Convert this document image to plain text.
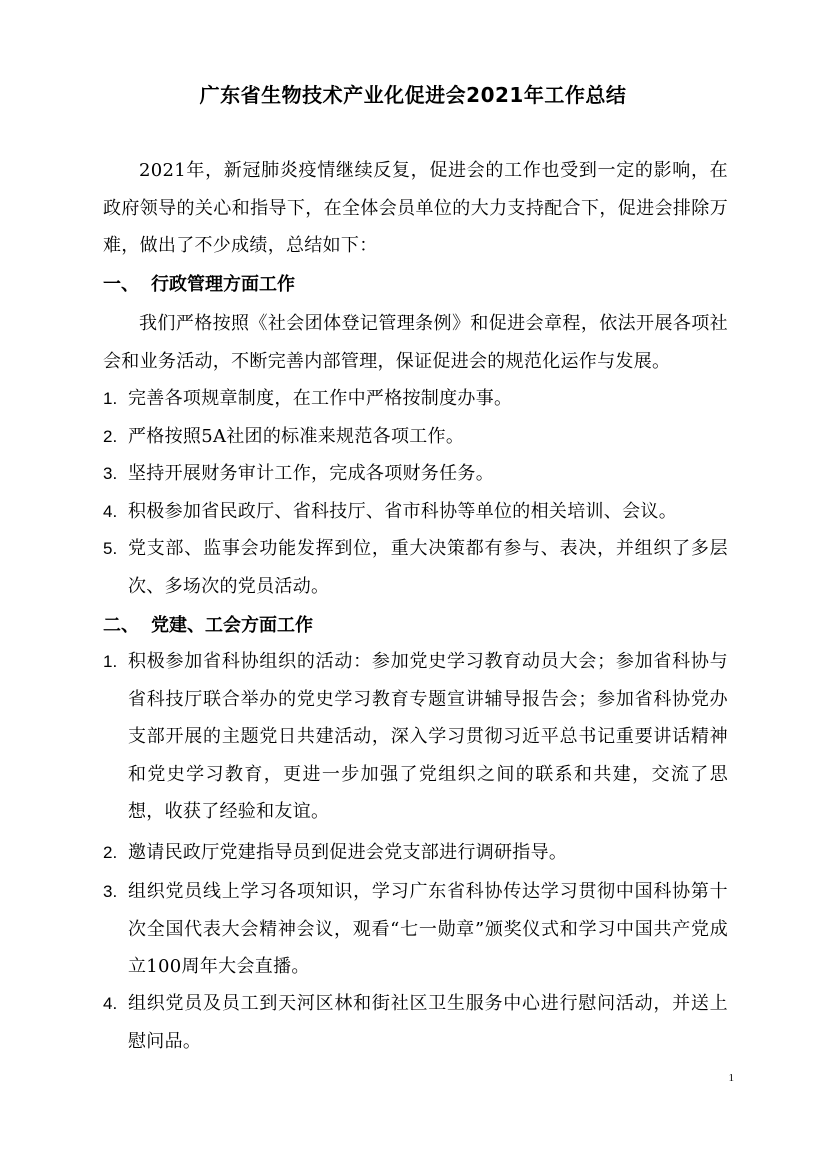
广东省生物技术产业化促进会2021年工作总结
2021年，新冠肺炎疫情继续反复，促进会的工作也受到一定的影响，在政府领导的关心和指导下，在全体会员单位的大力支持配合下，促进会排除万难，做出了不少成绩，总结如下：
一、 行政管理方面工作
我们严格按照《社会团体登记管理条例》和促进会章程，依法开展各项社会和业务活动，不断完善内部管理，保证促进会的规范化运作与发展。
1. 完善各项规章制度，在工作中严格按制度办事。
2. 严格按照5A社团的标准来规范各项工作。
3. 坚持开展财务审计工作，完成各项财务任务。
4. 积极参加省民政厅、省科技厅、省市科协等单位的相关培训、会议。
5. 党支部、监事会功能发挥到位，重大决策都有参与、表决，并组织了多层次、多场次的党员活动。
二、 党建、工会方面工作
1. 积极参加省科协组织的活动：参加党史学习教育动员大会；参加省科协与省科技厅联合举办的党史学习教育专题宣讲辅导报告会；参加省科协党办支部开展的主题党日共建活动，深入学习贯彻习近平总书记重要讲话精神和党史学习教育，更进一步加强了党组织之间的联系和共建，交流了思想，收获了经验和友谊。
2. 邀请民政厅党建指导员到促进会党支部进行调研指导。
3. 组织党员线上学习各项知识，学习广东省科协传达学习贯彻中国科协第十次全国代表大会精神会议，观看“七一勋章”颁奖仪式和学习中国共产党成立100周年大会直播。
4. 组织党员及员工到天河区林和街社区卫生服务中心进行慰问活动，并送上慰问品。
1
